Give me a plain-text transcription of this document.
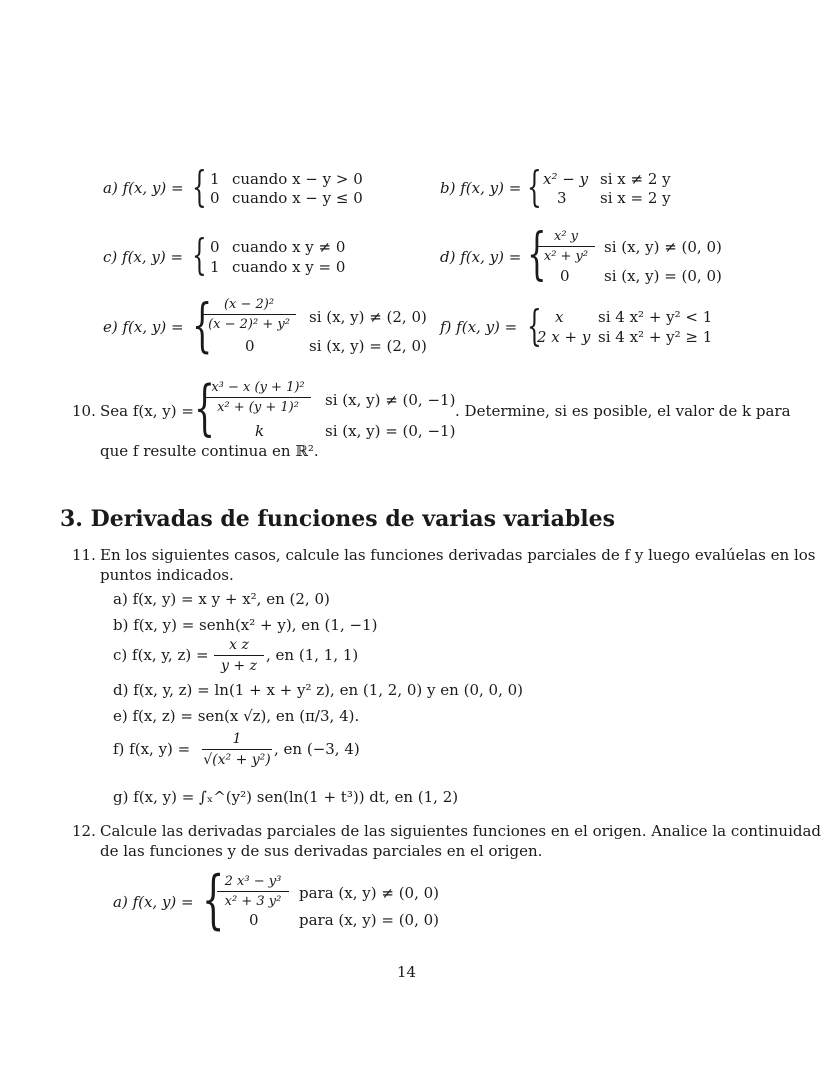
a) f(x, y) = { 1 cuando x − y > 0
0 cuando x − y ≤ 0
b) f(x, y) = { x² − y si x ≠ 2 y
3 si x = 2 y
c) f(x, y) = { 0 cuando x y ≠ 0
1 cuando x y = 0
d) f(x, y) = {
$\frac{\text{x² y}}{\text{x² + y²}}$ si (x, y) ≠ (0, 0)
0 si (x, y) = (0, 0)
e) f(x, y) = {
$\frac{\text{(x − 2)²}}{\text{(x − 2)² + y²}}$ si (x, y) ≠ (2, 0)
0	si (x, y) = (2, 0)
f) f(x, y) = { x si 4 x² + y² < 1
2 x + y si 4 x² + y² ≥ 1
10. Sea f(x, y) = {
$\frac{\text{x³ − x (y + 1)²}}{\text{x² + (y + 1)²}}$ si (x, y) ≠ (0, −1)
k	si (x, y) = (0, −1)
. Determine, si es posible, el valor de k para
que f resulte continua en ℝ².
3. Derivadas de funciones de varias variables
11. En los siguientes casos, calcule las funciones derivadas parciales de f y luego evalúelas en los
puntos indicados.
a) f(x, y) = x y + x², en (2, 0)
b) f(x, y) = senh(x² + y), en (1, −1)
c) f(x, y, $z) = \frac{\text{x z}}{y + z}$ , en (1, 1, 1)
d) f(x, y, z) = ln(1 + x + y² z), en (1, 2, 0) y en (0, 0, 0)
e) f(x, z) = sen(x √z), en (π/3, 4).
f) f(x, $y) = \frac{1}{\text{√(x² + y²)}}$ , en (−3, 4)
g) f(x, y) = ∫ₓ^(y²) sen(ln(1 + t³)) dt, en (1, 2)
12. Calcule las derivadas parciales de las siguientes funciones en el origen. Analice la continuidad
de las funciones y de sus derivadas parciales en el origen.
a) f(x, y) = {
$\frac{\text{2 x³ − y³}}{\text{x² + 3 y²}}$ para (x, y) ≠ (0, 0)
0	para (x, y) = (0, 0)
14
